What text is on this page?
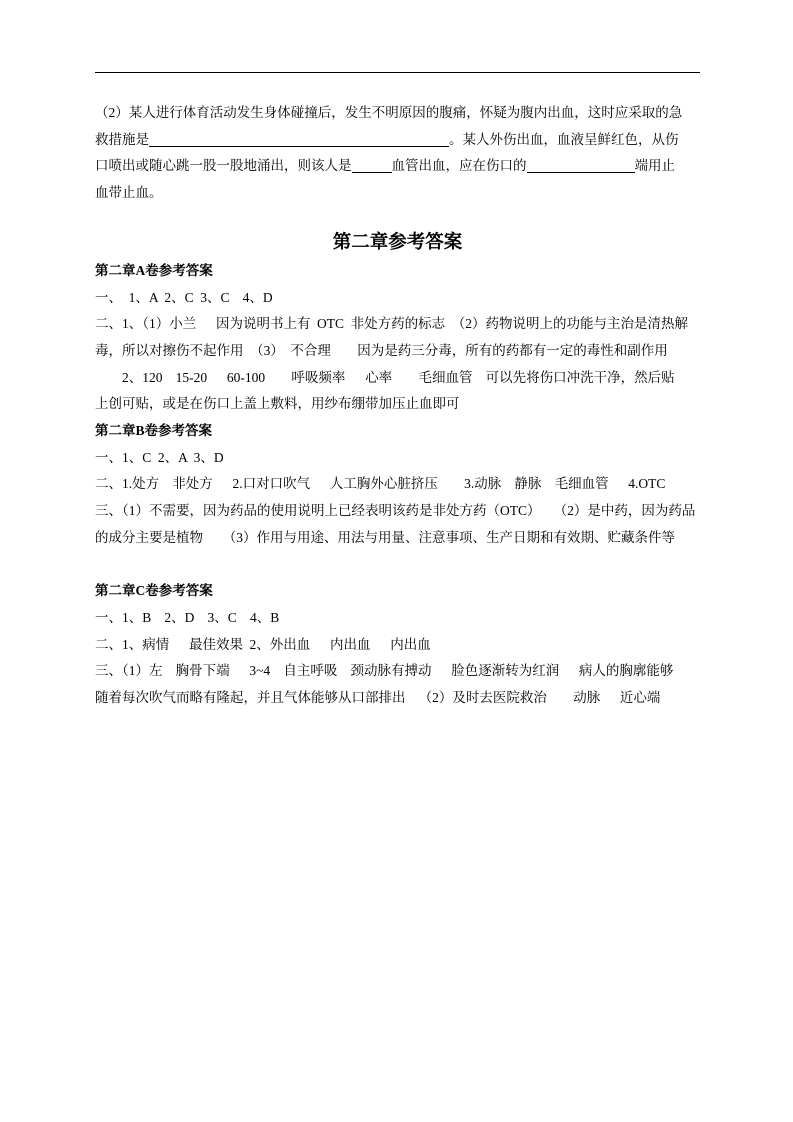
（2）某人进行体育活动发生身体碰撞后，发生不明原因的腹痛，怀疑为腹内出血，这时应采取的急
救措施是	。某人外伤出血，血液呈鲜红色，从伤
口喷出或随心跳一股一股地涌出，则该人是	血管出血，应在伤口的	端用止
血带止血。
第二章参考答案
第二章A卷参考答案
一、 1、A 2、C 3、C  4、D
二、1、（1）小兰   因为说明书上有 OTC 非处方药的标志 （2）药物说明上的功能与主治是清热解
毒，所以对擦伤不起作用 （3） 不合理    因为是药三分毒，所有的药都有一定的毒性和副作用
2、120  15-20   60-100    呼吸频率   心率    毛细血管  可以先将伤口冲洗干净，然后贴
上创可贴，或是在伤口上盖上敷料，用纱布绷带加压止血即可
第二章B卷参考答案
一、1、C 2、A 3、D
二、1.处方  非处方   2.口对口吹气   人工胸外心脏挤压    3.动脉  静脉  毛细血管   4.OTC
三、（1）不需要，因为药品的使用说明上已经表明该药是非处方药（OTC）  （2）是中药，因为药品
的成分主要是植物   （3）作用与用途、用法与用量、注意事项、生产日期和有效期、贮藏条件等
第二章C卷参考答案
一、1、B  2、D  3、C  4、B
二、1、病情   最佳效果 2、外出血   内出血   内出血
三、（1）左  胸骨下端   3~4  自主呼吸  颈动脉有搏动   脸色逐渐转为红润   病人的胸廓能够
随着每次吹气而略有隆起，并且气体能够从口部排出  （2）及时去医院救治    动脉   近心端
